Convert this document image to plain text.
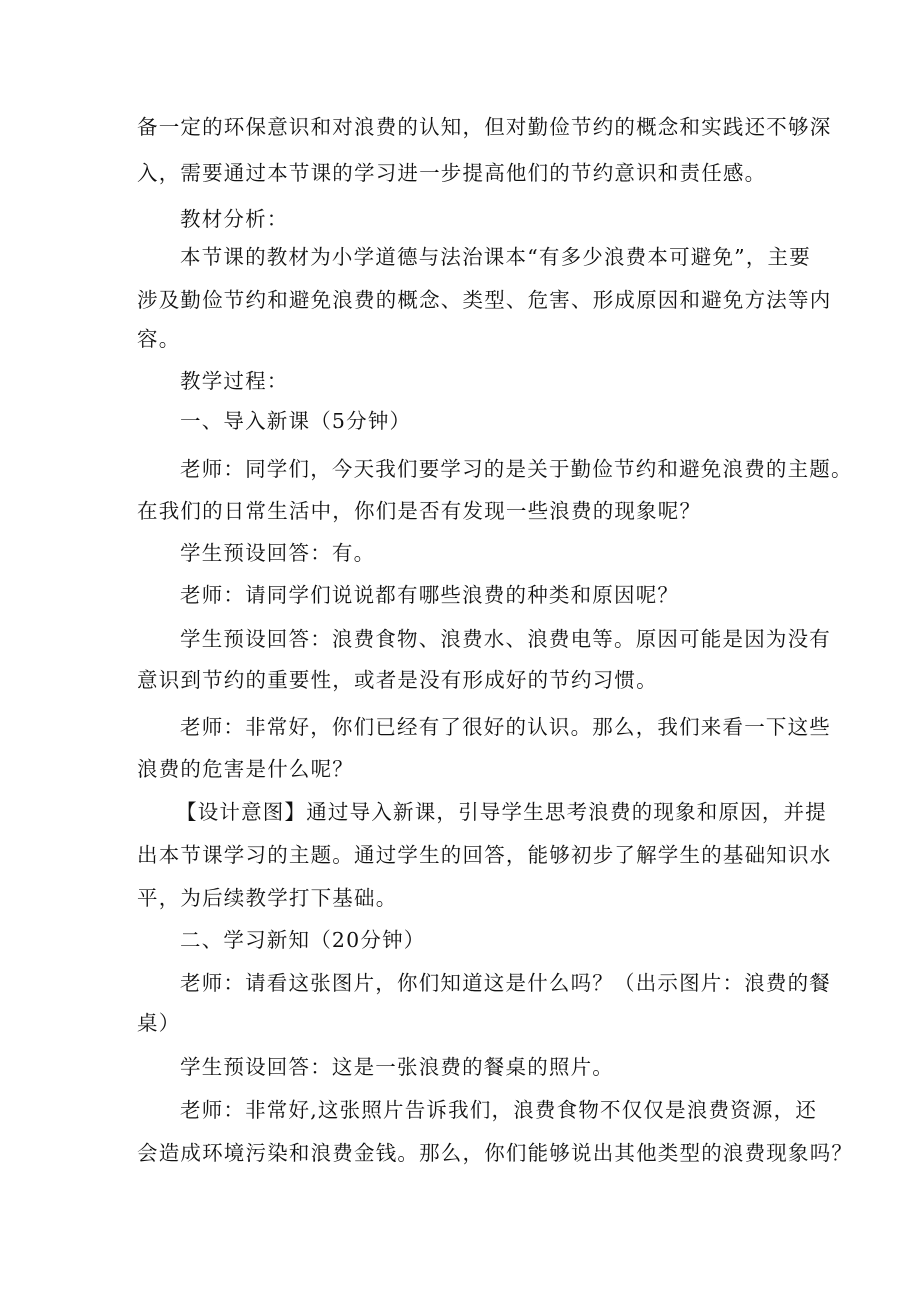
备一定的环保意识和对浪费的认知，但对勤俭节约的概念和实践还不够深
入，需要通过本节课的学习进一步提高他们的节约意识和责任感。
教材分析：
本节课的教材为小学道德与法治课本“有多少浪费本可避免”，主要
涉及勤俭节约和避免浪费的概念、类型、危害、形成原因和避免方法等内
容。
教学过程：
一、导入新课（5分钟）
老师：同学们，今天我们要学习的是关于勤俭节约和避免浪费的主题。
在我们的日常生活中，你们是否有发现一些浪费的现象呢？
学生预设回答：有。
老师：请同学们说说都有哪些浪费的种类和原因呢？
学生预设回答：浪费食物、浪费水、浪费电等。原因可能是因为没有
意识到节约的重要性，或者是没有形成好的节约习惯。
老师：非常好，你们已经有了很好的认识。那么，我们来看一下这些
浪费的危害是什么呢？
【设计意图】通过导入新课，引导学生思考浪费的现象和原因，并提
出本节课学习的主题。通过学生的回答，能够初步了解学生的基础知识水
平，为后续教学打下基础。
二、学习新知（20分钟）
老师：请看这张图片，你们知道这是什么吗？（出示图片：浪费的餐
桌）
学生预设回答：这是一张浪费的餐桌的照片。
老师：非常好,这张照片告诉我们，浪费食物不仅仅是浪费资源，还
会造成环境污染和浪费金钱。那么，你们能够说出其他类型的浪费现象吗？
